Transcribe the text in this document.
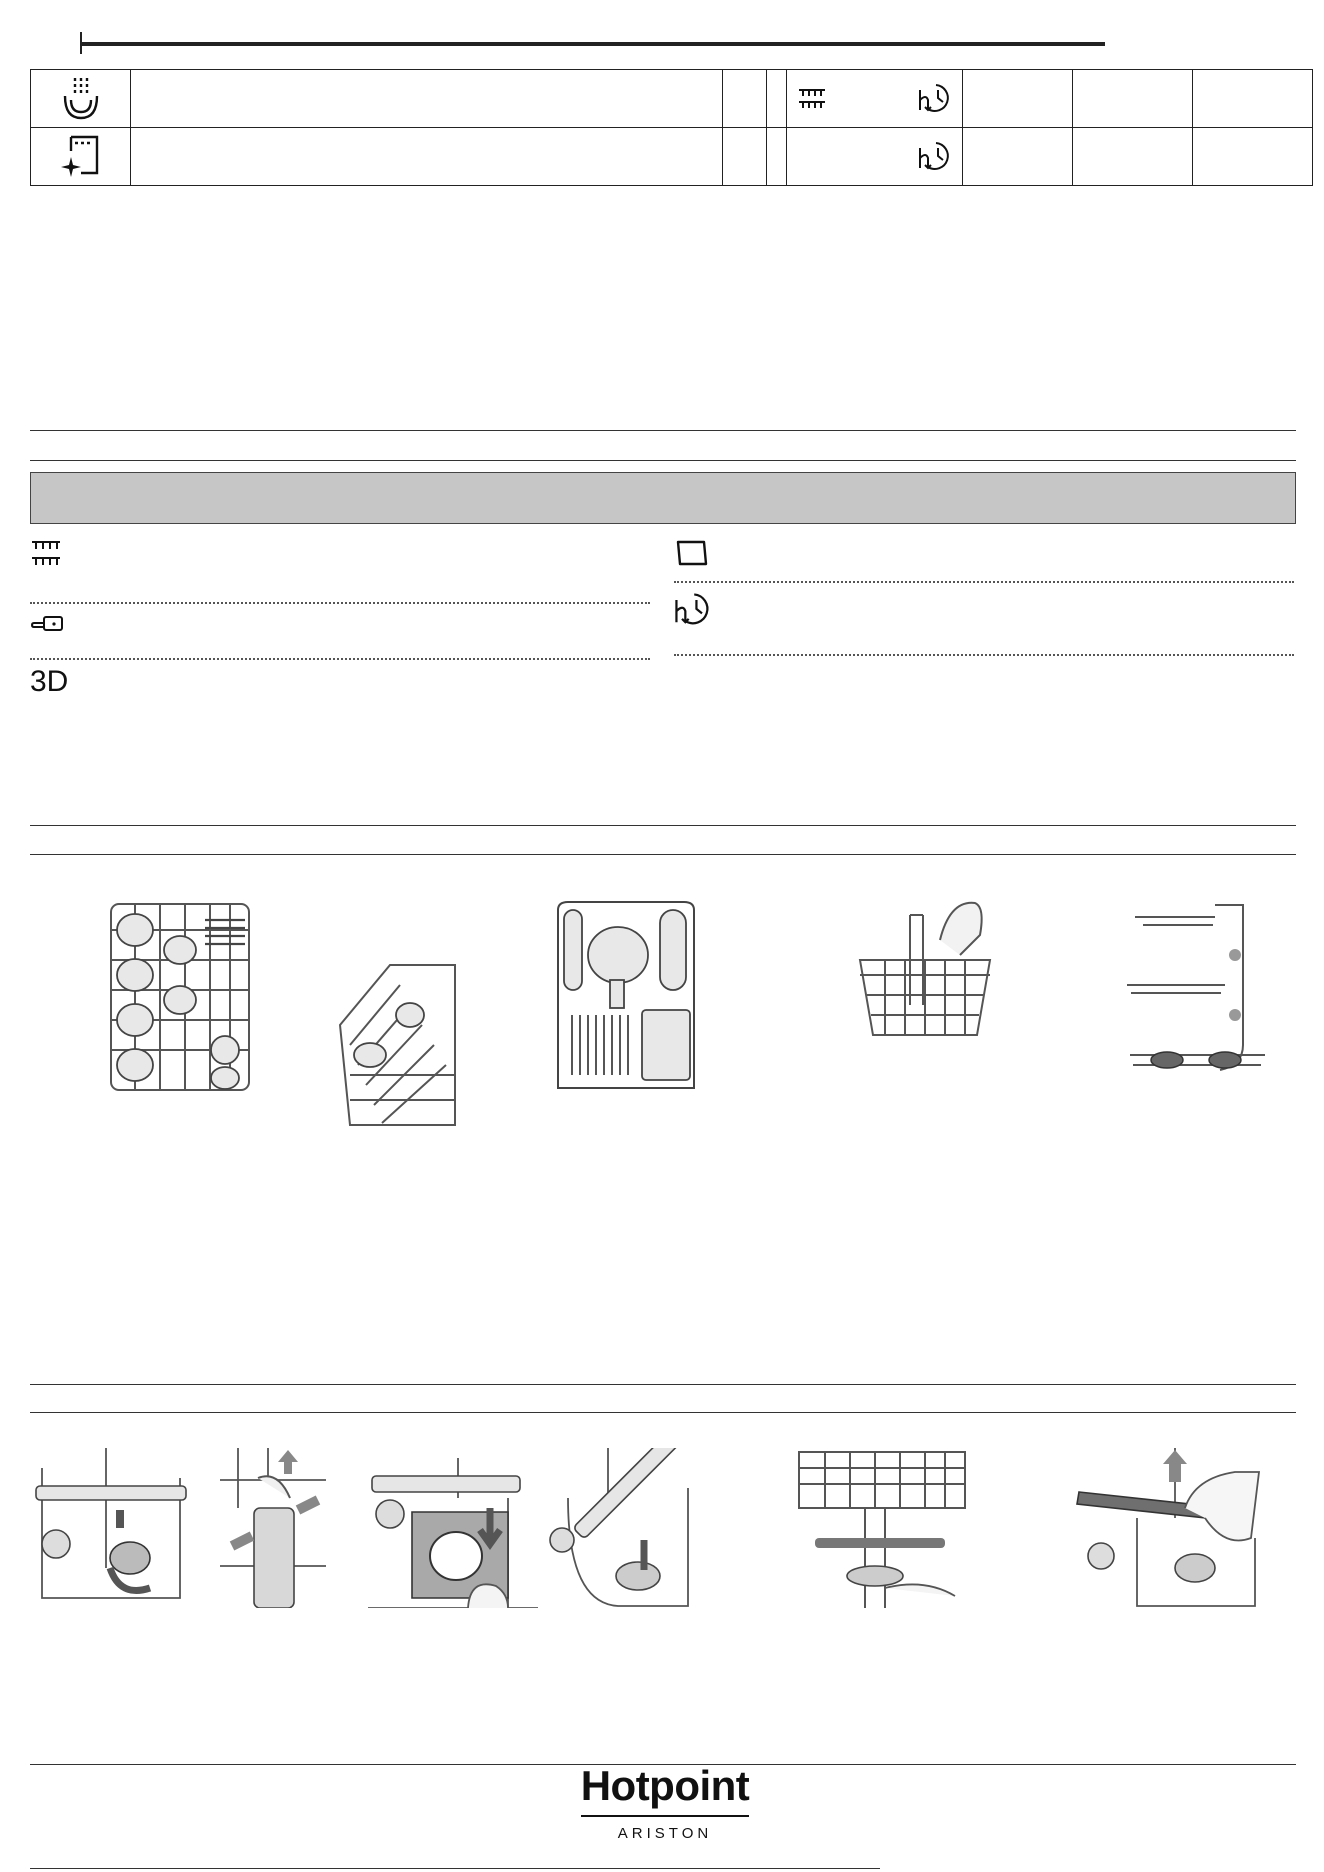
3D
Hotpoint
ARISTON
